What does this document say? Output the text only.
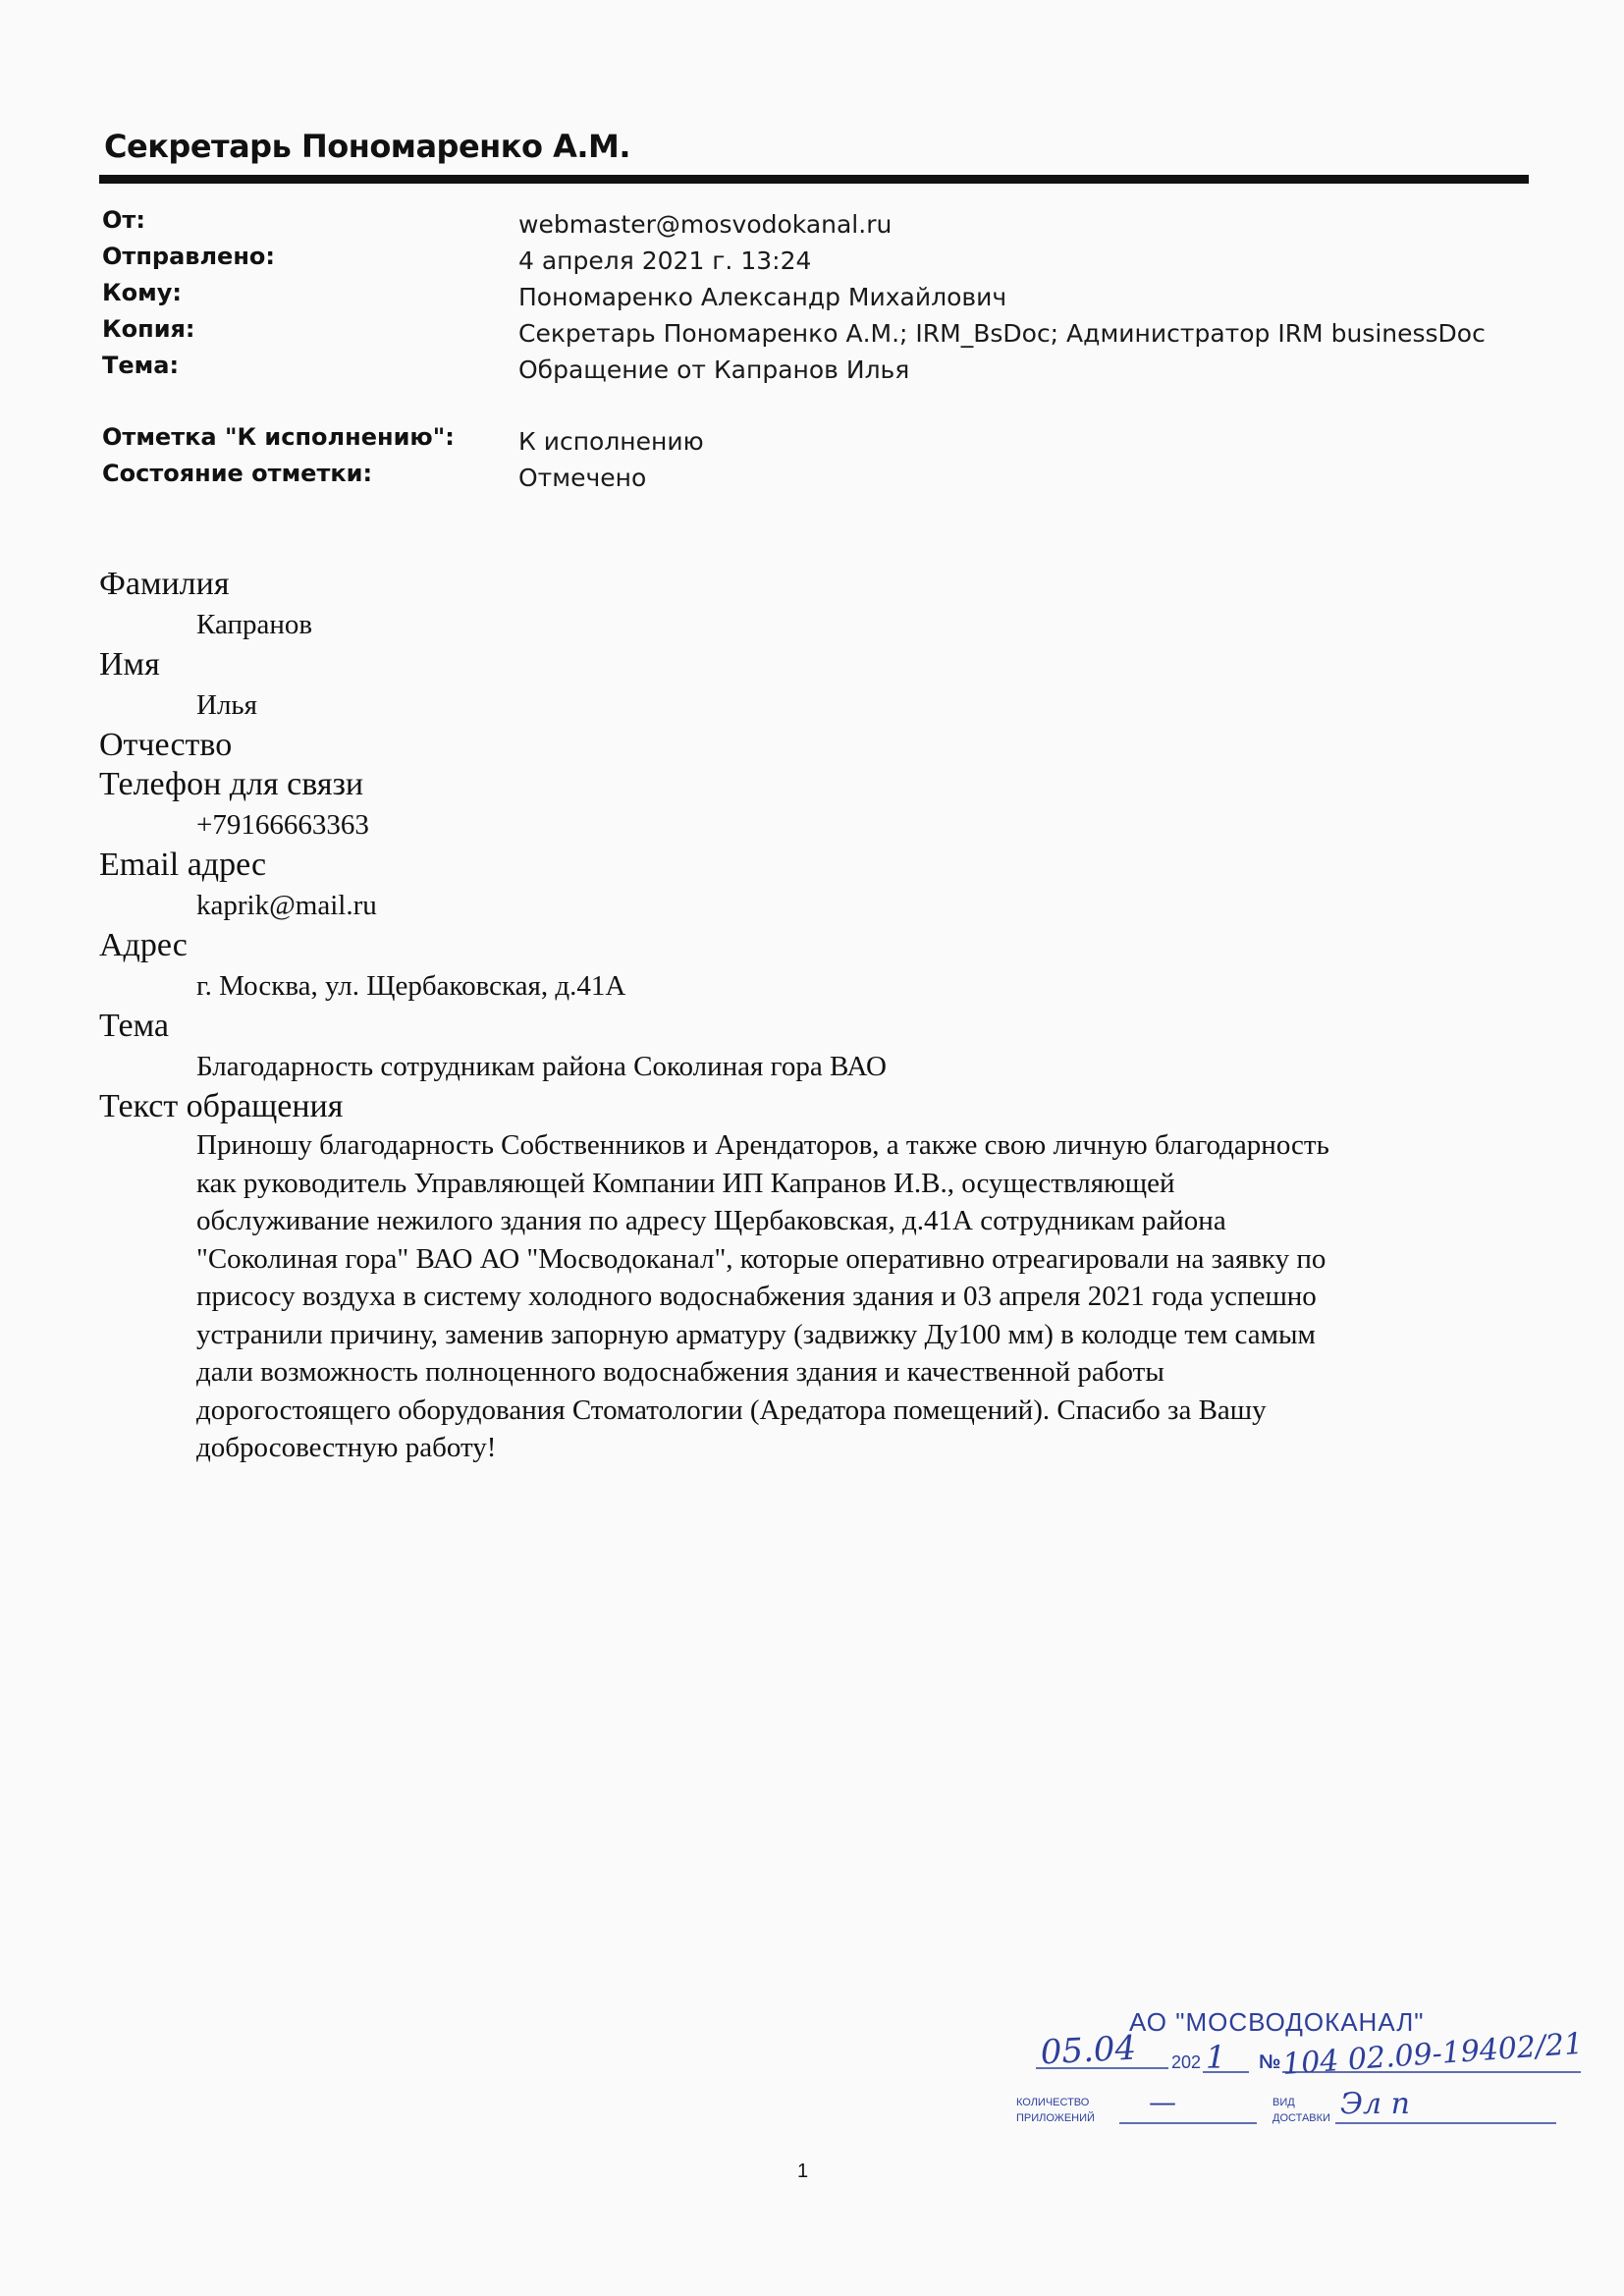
Секретарь Пономаренко А.М.
От:	webmaster@mosvodokanal.ru
Отправлено:	4 апреля 2021 г. 13:24
Кому:	Пономаренко Александр Михайлович
Копия:	Секретарь Пономаренко А.М.; IRM_BsDoc; Администратор IRM businessDoc
Тема:	Обращение от Капранов Илья
Отметка "К исполнению":	К исполнению
Состояние отметки:	Отмечено
Фамилия
Капранов
Имя
Илья
Отчество
Телефон для связи
+79166663363
Email адрес
kaprik@mail.ru
Адрес
г. Москва, ул. Щербаковская, д.41А
Тема
Благодарность сотрудникам района Соколиная гора ВАО
Текст обращения
Приношу благодарность Собственников и Арендаторов, а также свою личную благодарность
как руководитель Управляющей Компании ИП Капранов И.В., осуществляющей
обслуживание нежилого здания по адресу Щербаковская, д.41А сотрудникам района
"Соколиная гора" ВАО АО "Мосводоканал", которые оперативно отреагировали на заявку по
присосу воздуха в систему холодного водоснабжения здания и 03 апреля 2021 года успешно
устранили причину, заменив запорную арматуру (задвижку Ду100 мм) в колодце тем самым
дали возможность полноценного водоснабжения здания и качественной работы
дорогостоящего оборудования Стоматологии (Аредатора помещений). Спасибо за Вашу
добросовестную работу!
АО "МОСВОДОКАНАЛ"
05.04 202 1 № 104 02.09-19402/21
КОЛИЧЕСТВО
ПРИЛОЖЕНИЙ —	ВИД
ДОСТАВКИ Эл п
1
